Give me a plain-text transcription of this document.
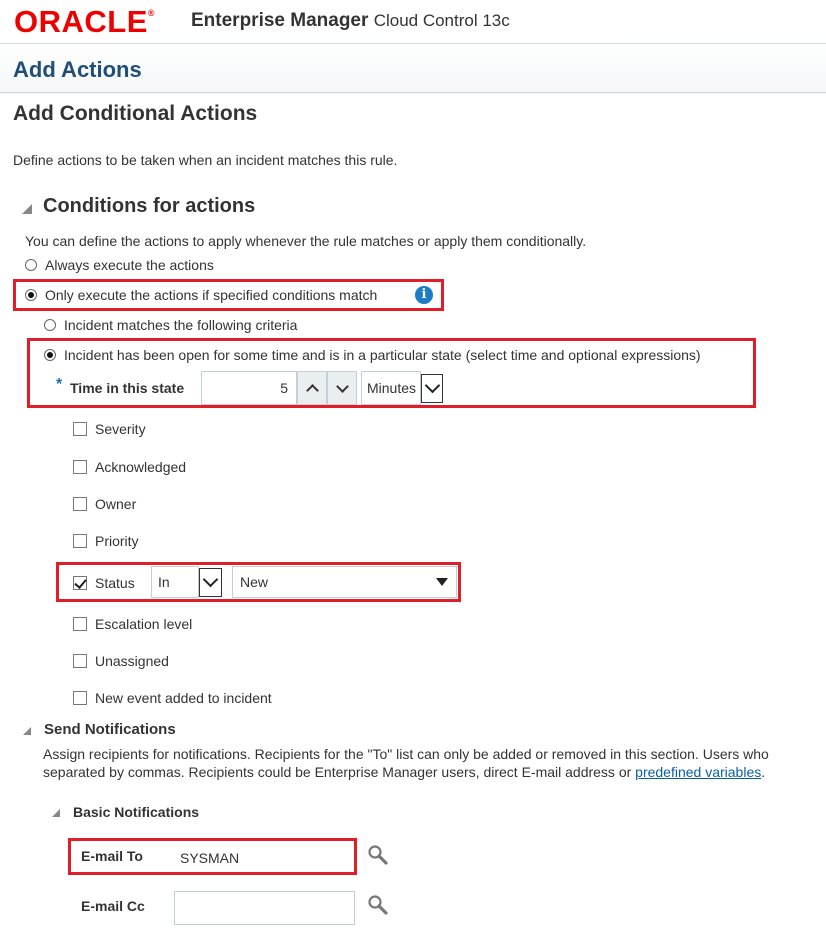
ORACLE® Enterprise Manager Cloud Control 13c
Add Actions
Add Conditional Actions
Define actions to be taken when an incident matches this rule.
Conditions for actions
You can define the actions to apply whenever the rule matches or apply them conditionally.
Always execute the actions
Only execute the actions if specified conditions match	i
Incident matches the following criteria
Incident has been open for some time and is in a particular state (select time and optional expressions)
* Time in this state	5	Minutes
Severity
Acknowledged
Owner
Priority
Status	In	New
Escalation level
Unassigned
New event added to incident
Send Notifications
Assign recipients for notifications. Recipients for the "To" list can only be added or removed in this section. Users who
separated by commas. Recipients could be Enterprise Manager users, direct E-mail address or predefined variables.
Basic Notifications
E-mail To	SYSMAN
E-mail Cc
